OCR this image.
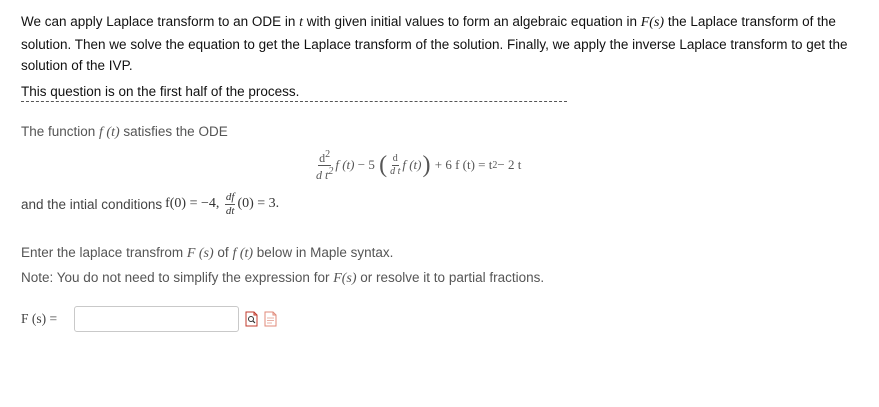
We can apply Laplace transform to an ODE in t with given initial values to form an algebraic equation in F(s) the Laplace transform of the solution. Then we solve the equation to get the Laplace transform of the solution. Finally, we apply the inverse Laplace transform to get the solution of the IVP.

This question is on the first half of the process.

The function f (t) satisfies the ODE
$\frac{d^2}{d t^2}$ f (t)
− 5
( $\frac{d}{\text{d t}}$ f (t) )
+ 6 f (t) = t 2 − 2 t
and the intial conditions f(0) = −4,
$\frac{df}{dt} (0) = 3$.

Enter the laplace transfrom F (s) of f (t) below in Maple syntax.

Note: You do not need to simplify the expression for F(s) or resolve it to partial fractions.

F (s) =
